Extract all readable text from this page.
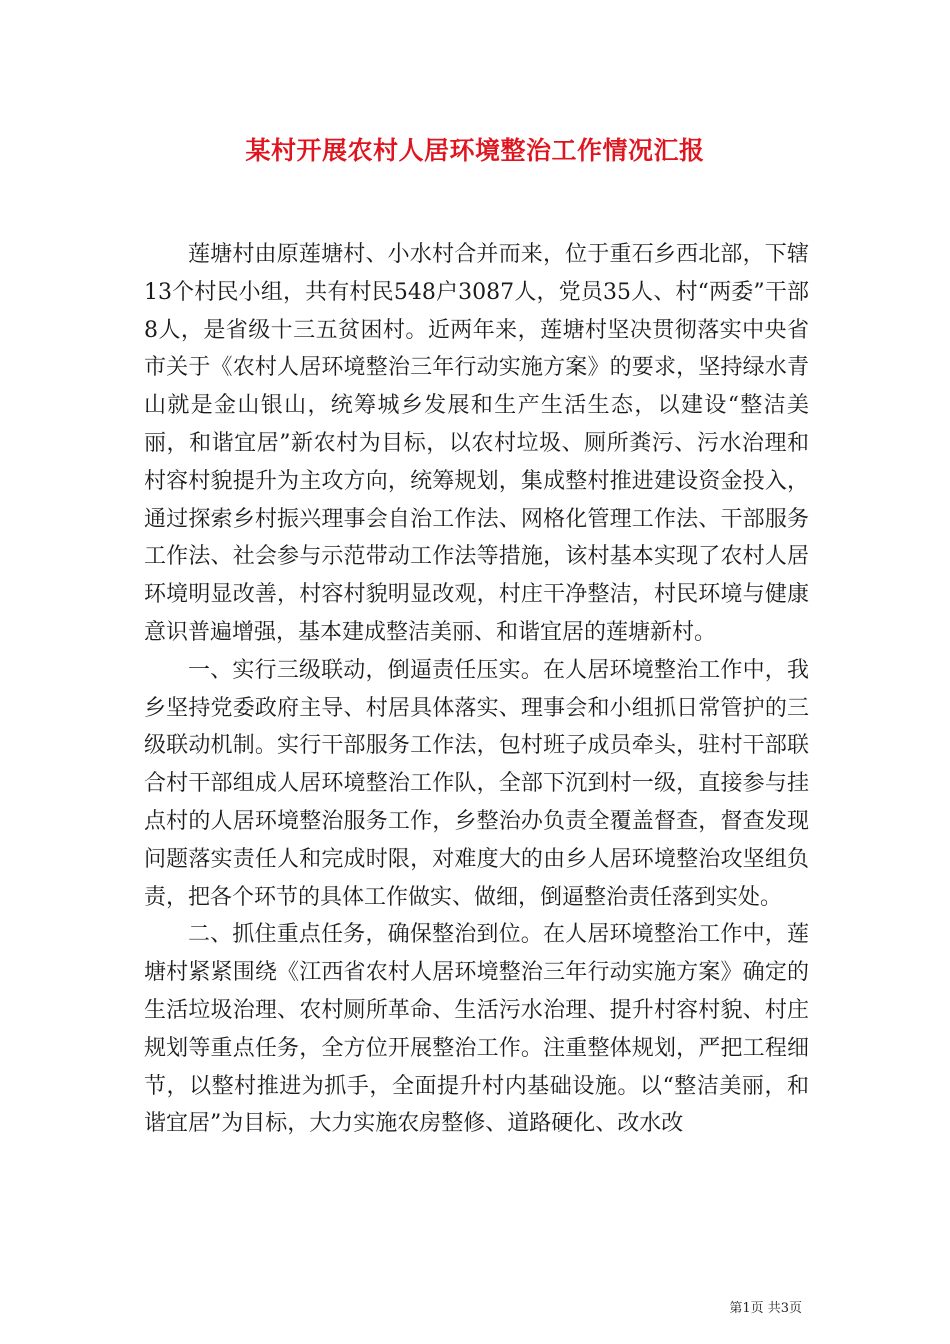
某村开展农村人居环境整治工作情况汇报

莲塘村由原莲塘村、小水村合并而来，位于重石乡西北部，下辖13个村民小组，共有村民548户3087人，党员35人、村“两委”干部8人，是省级十三五贫困村。近两年来，莲塘村坚决贯彻落实中央省市关于《农村人居环境整治三年行动实施方案》的要求，坚持绿水青山就是金山银山，统筹城乡发展和生产生活生态，以建设“整洁美丽，和谐宜居”新农村为目标，以农村垃圾、厕所粪污、污水治理和村容村貌提升为主攻方向，统筹规划，集成整村推进建设资金投入，通过探索乡村振兴理事会自治工作法、网格化管理工作法、干部服务工作法、社会参与示范带动工作法等措施，该村基本实现了农村人居环境明显改善，村容村貌明显改观，村庄干净整洁，村民环境与健康意识普遍增强，基本建成整洁美丽、和谐宜居的莲塘新村。

一、实行三级联动，倒逼责任压实。在人居环境整治工作中，我乡坚持党委政府主导、村居具体落实、理事会和小组抓日常管护的三级联动机制。实行干部服务工作法，包村班子成员牵头，驻村干部联合村干部组成人居环境整治工作队，全部下沉到村一级，直接参与挂点村的人居环境整治服务工作，乡整治办负责全覆盖督查，督查发现问题落实责任人和完成时限，对难度大的由乡人居环境整治攻坚组负责，把各个环节的具体工作做实、做细，倒逼整治责任落到实处。

二、抓住重点任务，确保整治到位。在人居环境整治工作中，莲塘村紧紧围绕《江西省农村人居环境整治三年行动实施方案》确定的生活垃圾治理、农村厕所革命、生活污水治理、提升村容村貌、村庄规划等重点任务，全方位开展整治工作。注重整体规划，严把工程细节，以整村推进为抓手，全面提升村内基础设施。以“整洁美丽，和谐宜居”为目标，大力实施农房整修、道路硬化、改水改

第1页 共3页
